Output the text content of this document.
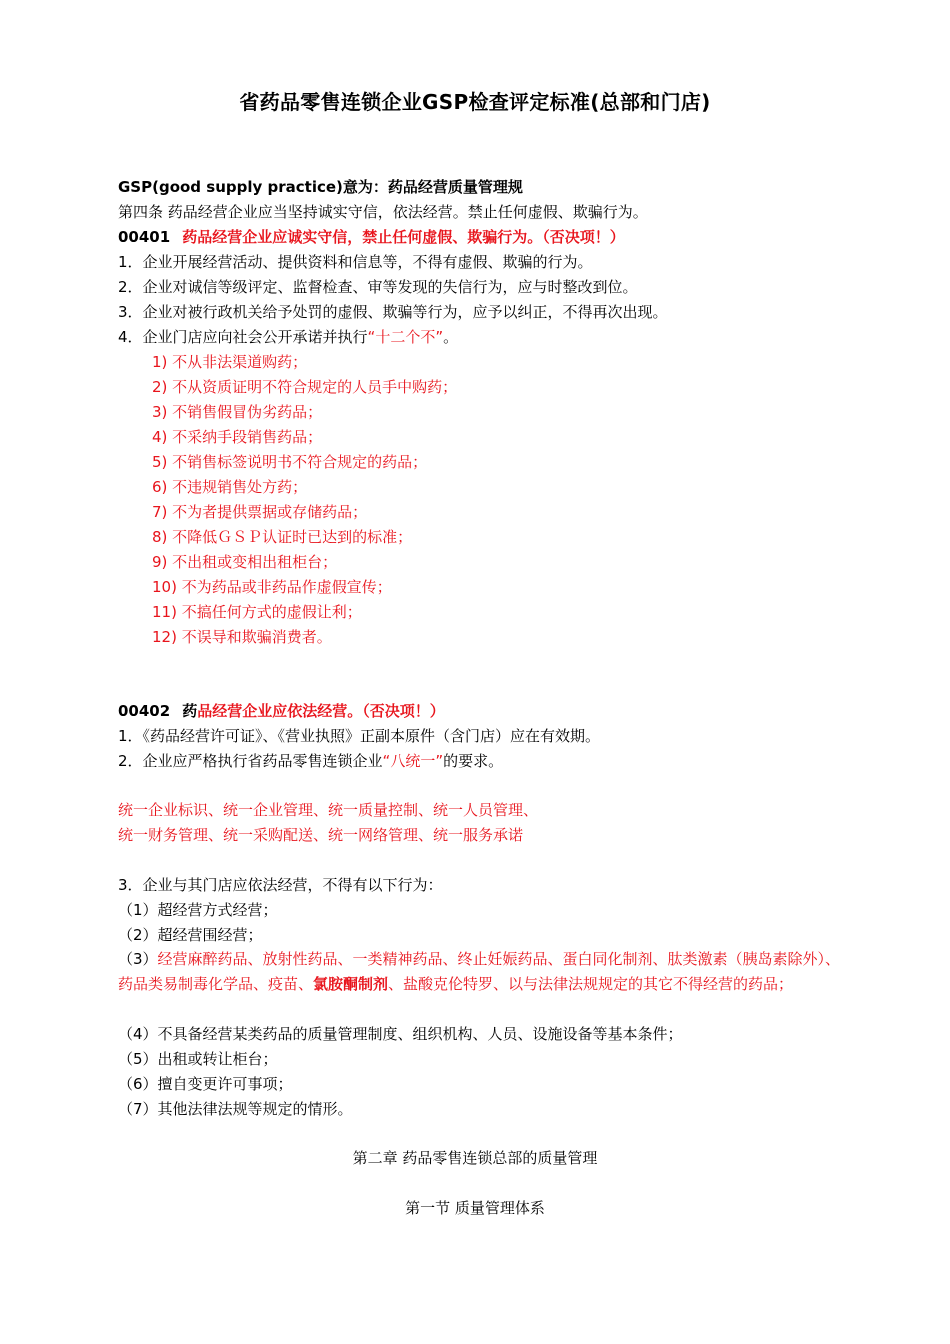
省药品零售连锁企业GSP检查评定标准(总部和门店)
GSP(good supply practice)意为：药品经营质量管理规
第四条 药品经营企业应当坚持诚实守信，依法经营。禁止任何虚假、欺骗行为。
00401 药品经营企业应诚实守信，禁止任何虚假、欺骗行为。（否决项！）
1．企业开展经营活动、提供资料和信息等，不得有虚假、欺骗的行为。
2．企业对诚信等级评定、监督检查、审等发现的失信行为，应与时整改到位。
3．企业对被行政机关给予处罚的虚假、欺骗等行为，应予以纠正，不得再次出现。
4．企业门店应向社会公开承诺并执行“十二个不”。
1) 不从非法渠道购药；
2) 不从资质证明不符合规定的人员手中购药；
3) 不销售假冒伪劣药品；
4) 不采纳手段销售药品；
5) 不销售标签说明书不符合规定的药品；
6) 不违规销售处方药；
7) 不为者提供票据或存储药品；
8) 不降低ＧＳＰ认证时已达到的标准；
9) 不出租或变相出租柜台；
10) 不为药品或非药品作虚假宣传；
11) 不搞任何方式的虚假让利；
12) 不误导和欺骗消费者。
00402 药品经营企业应依法经营。（否决项！）
1．《药品经营许可证》、《营业执照》正副本原件（含门店）应在有效期。
2．企业应严格执行省药品零售连锁企业“八统一”的要求。
统一企业标识、统一企业管理、统一质量控制、统一人员管理、
统一财务管理、统一采购配送、统一网络管理、统一服务承诺
3．企业与其门店应依法经营，不得有以下行为：
（1）超经营方式经营；
（2）超经营围经营；
（3）经营麻醉药品、放射性药品、一类精神药品、终止妊娠药品、蛋白同化制剂、肽类激素（胰岛素除外）、药品类易制毒化学品、疫苗、氯胺酮制剂、盐酸克伦特罗、以与法律法规规定的其它不得经营的药品；
（4）不具备经营某类药品的质量管理制度、组织机构、人员、设施设备等基本条件；
（5）出租或转让柜台；
（6）擅自变更许可事项；
（7）其他法律法规等规定的情形。
第二章 药品零售连锁总部的质量管理
第一节 质量管理体系
